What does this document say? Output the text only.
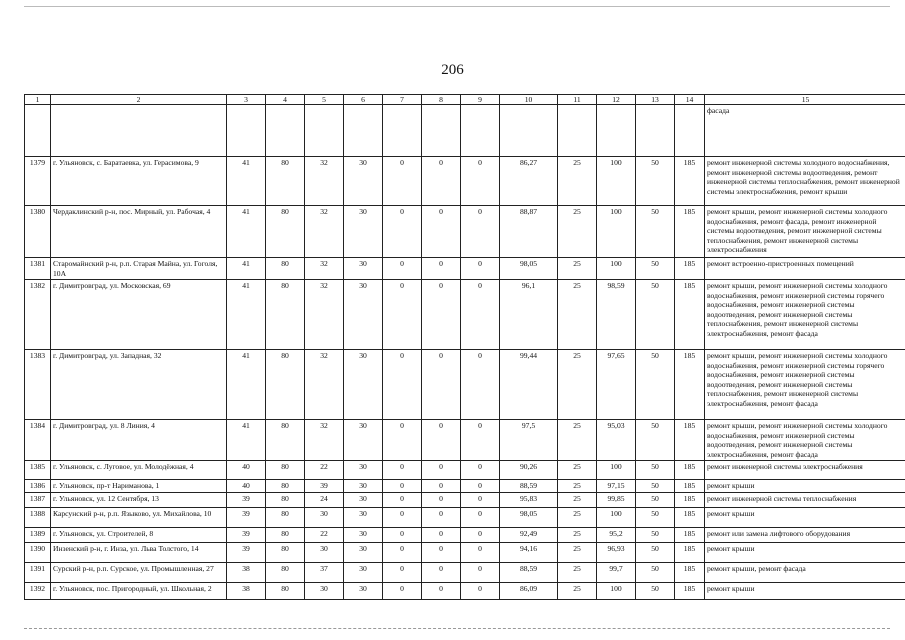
206
1	2	3	4	5	6	7	8	9	10	11	12	13	14	15
														фасада
1379	г. Ульяновск, с. Баратаевка, ул. Герасимова, 9	41	80	32	30	0	0	0	86,27	25	100	50	185	ремонт инженерной системы холодного водоснабжения, ремонт инженерной системы водоотведения, ремонт инженерной системы теплоснабжения, ремонт инженерной системы электроснабжения, ремонт крыши
1380	Чердаклинский р-н, пос. Мирный, ул. Рабочая, 4	41	80	32	30	0	0	0	88,87	25	100	50	185	ремонт крыши, ремонт инженерной системы холодного водоснабжения, ремонт фасада, ремонт инженерной системы водоотведения, ремонт инженерной системы теплоснабжения, ремонт инженерной системы электроснабжения
1381	Старомайнский р-н, р.п. Старая Майна, ул. Гоголя, 10А	41	80	32	30	0	0	0	98,05	25	100	50	185	ремонт встроенно-пристроенных помещений
1382	г. Димитровград, ул. Московская, 69	41	80	32	30	0	0	0	96,1	25	98,59	50	185	ремонт крыши, ремонт инженерной системы холодного водоснабжения, ремонт инженерной системы горячего водоснабжения, ремонт инженерной системы водоотведения, ремонт инженерной системы теплоснабжения, ремонт инженерной системы электроснабжения, ремонт фасада
1383	г. Димитровград, ул. Западная, 32	41	80	32	30	0	0	0	99,44	25	97,65	50	185	ремонт крыши, ремонт инженерной системы холодного водоснабжения, ремонт инженерной системы горячего водоснабжения, ремонт инженерной системы водоотведения, ремонт инженерной системы теплоснабжения, ремонт инженерной системы электроснабжения, ремонт фасада
1384	г. Димитровград, ул. 8 Линия, 4	41	80	32	30	0	0	0	97,5	25	95,03	50	185	ремонт крыши, ремонт инженерной системы холодного водоснабжения, ремонт инженерной системы водоотведения, ремонт инженерной системы электроснабжения, ремонт фасада
1385	г. Ульяновск, с. Луговое, ул. Молодёжная, 4	40	80	22	30	0	0	0	90,26	25	100	50	185	ремонт инженерной системы электроснабжения
1386	г. Ульяновск, пр-т Нариманова, 1	40	80	39	30	0	0	0	88,59	25	97,15	50	185	ремонт крыши
1387	г. Ульяновск, ул. 12 Сентября, 13	39	80	24	30	0	0	0	95,83	25	99,85	50	185	ремонт инженерной системы теплоснабжения
1388	Карсунский р-н, р.п. Языково, ул. Михайлова, 10	39	80	30	30	0	0	0	98,05	25	100	50	185	ремонт крыши
1389	г. Ульяновск, ул. Строителей, 8	39	80	22	30	0	0	0	92,49	25	95,2	50	185	ремонт или замена лифтового оборудования
1390	Инзенский р-н, г. Инза, ул. Льва Толстого, 14	39	80	30	30	0	0	0	94,16	25	96,93	50	185	ремонт крыши
1391	Сурский р-н, р.п. Сурское, ул. Промышленная, 27	38	80	37	30	0	0	0	88,59	25	99,7	50	185	ремонт крыши, ремонт фасада
1392	г. Ульяновск, пос. Пригородный, ул. Школьная, 2	38	80	30	30	0	0	0	86,09	25	100	50	185	ремонт крыши
